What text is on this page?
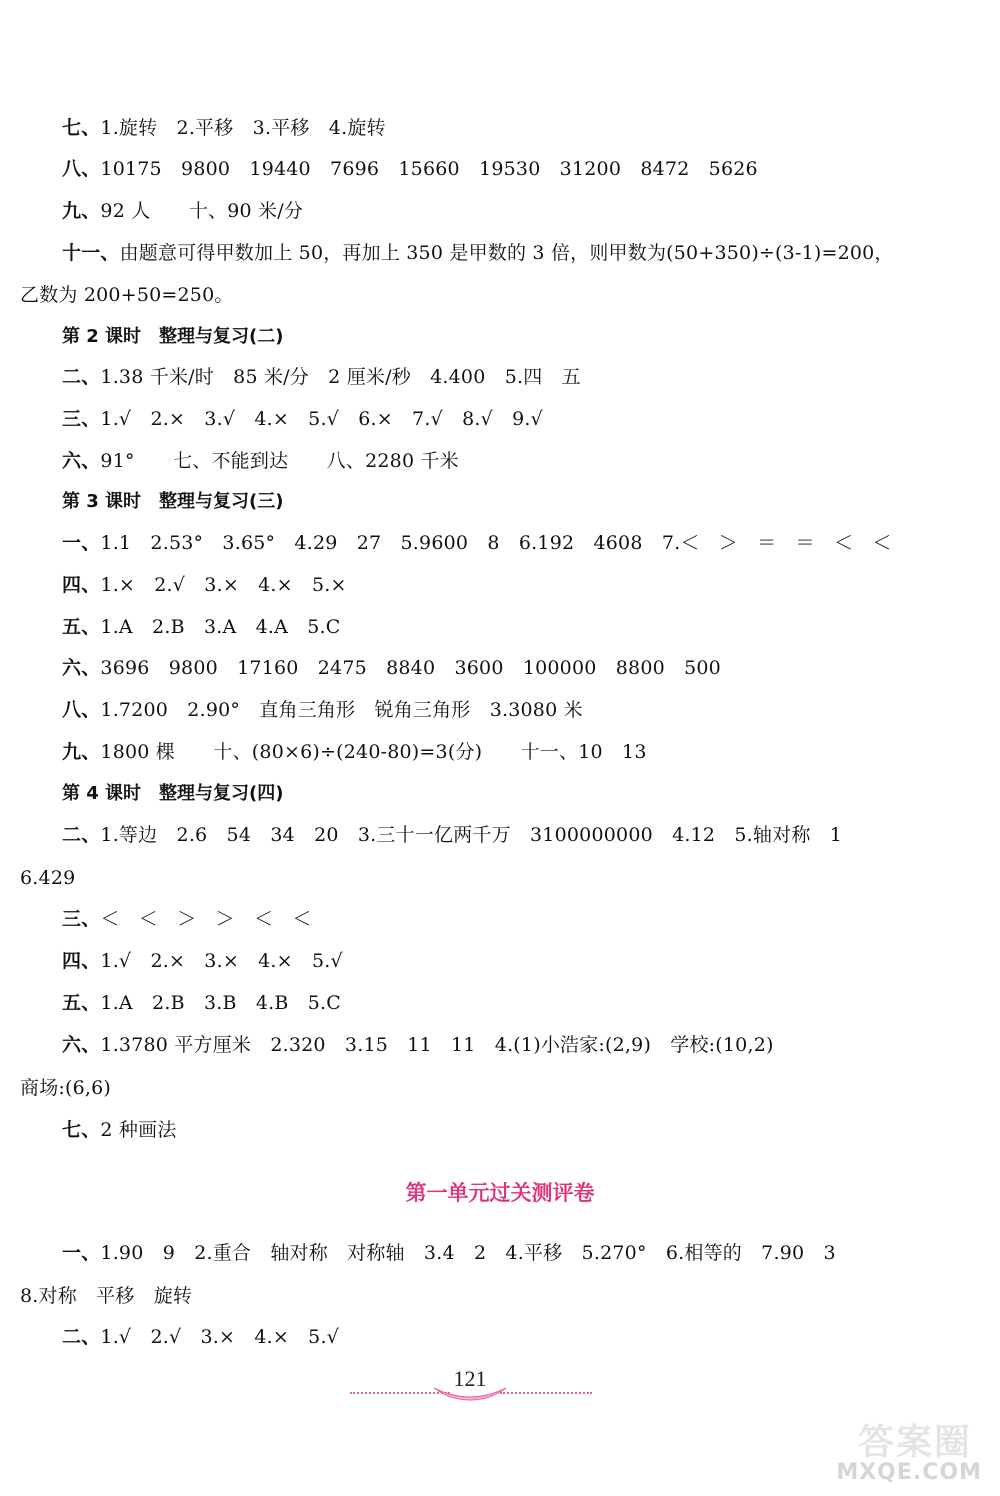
七、1.旋转　2.平移　3.平移　4.旋转
八、10175　9800　19440　7696　15660　19530　31200　8472　5626
九、92 人　　十、90 米/分
十一、由题意可得甲数加上 50，再加上 350 是甲数的 3 倍，则甲数为(50+350)÷(3-1)=200，
乙数为 200+50=250。
第 2 课时　整理与复习(二)
二、1.38 千米/时　85 米/分　2 厘米/秒　4.400　5.四　五
三、1.√　2.×　3.√　4.×　5.√　6.×　7.√　8.√　9.√
六、91°　　七、不能到达　　八、2280 千米
第 3 课时　整理与复习(三)
一、1.1　2.53°　3.65°　4.29　27　5.9600　8　6.192　4608　7.＜　＞　＝　＝　＜　＜
四、1.×　2.√　3.×　4.×　5.×
五、1.A　2.B　3.A　4.A　5.C
六、3696　9800　17160　2475　8840　3600　100000　8800　500
八、1.7200　2.90°　直角三角形　锐角三角形　3.3080 米
九、1800 棵　　十、(80×6)÷(240-80)=3(分)　　十一、10　13
第 4 课时　整理与复习(四)
二、1.等边　2.6　54　34　20　3.三十一亿两千万　3100000000　4.12　5.轴对称　1
6.429
三、＜　＜　＞　＞　＜　＜
四、1.√　2.×　3.×　4.×　5.√
五、1.A　2.B　3.B　4.B　5.C
六、1.3780 平方厘米　2.320　3.15　11　11　4.(1)小浩家:(2,9)　学校:(10,2)
商场:(6,6)
七、2 种画法
第一单元过关测评卷
一、1.90　9　2.重合　轴对称　对称轴　3.4　2　4.平移　5.270°　6.相等的　7.90　3
8.对称　平移　旋转
二、1.√　2.√　3.×　4.×　5.√
121
答案圈
MXQE.COM
